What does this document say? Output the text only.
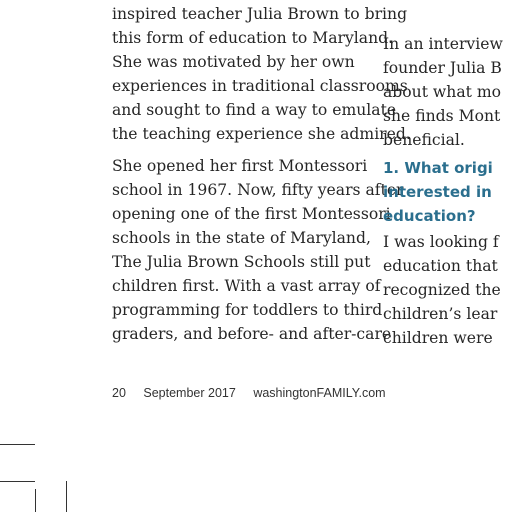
inspired teacher Julia Brown to bring
this form of education to Maryland.
She was motivated by her own
experiences in traditional classrooms
and sought to find a way to emulate
the teaching experience she admired.

She opened her first Montessori
school in 1967. Now, fifty years after
opening one of the first Montessori
schools in the state of Maryland,
The Julia Brown Schools still put
children first. With a vast array of
programming for toddlers to third
graders, and before- and after-care

In an interview
founder Julia B
about what mo
she finds Mont
beneficial.

1. What origi
interested in
education?

I was looking f
education that
recognized the
children’s lear
children were

20 September 2017 washingtonFAMILY.com
